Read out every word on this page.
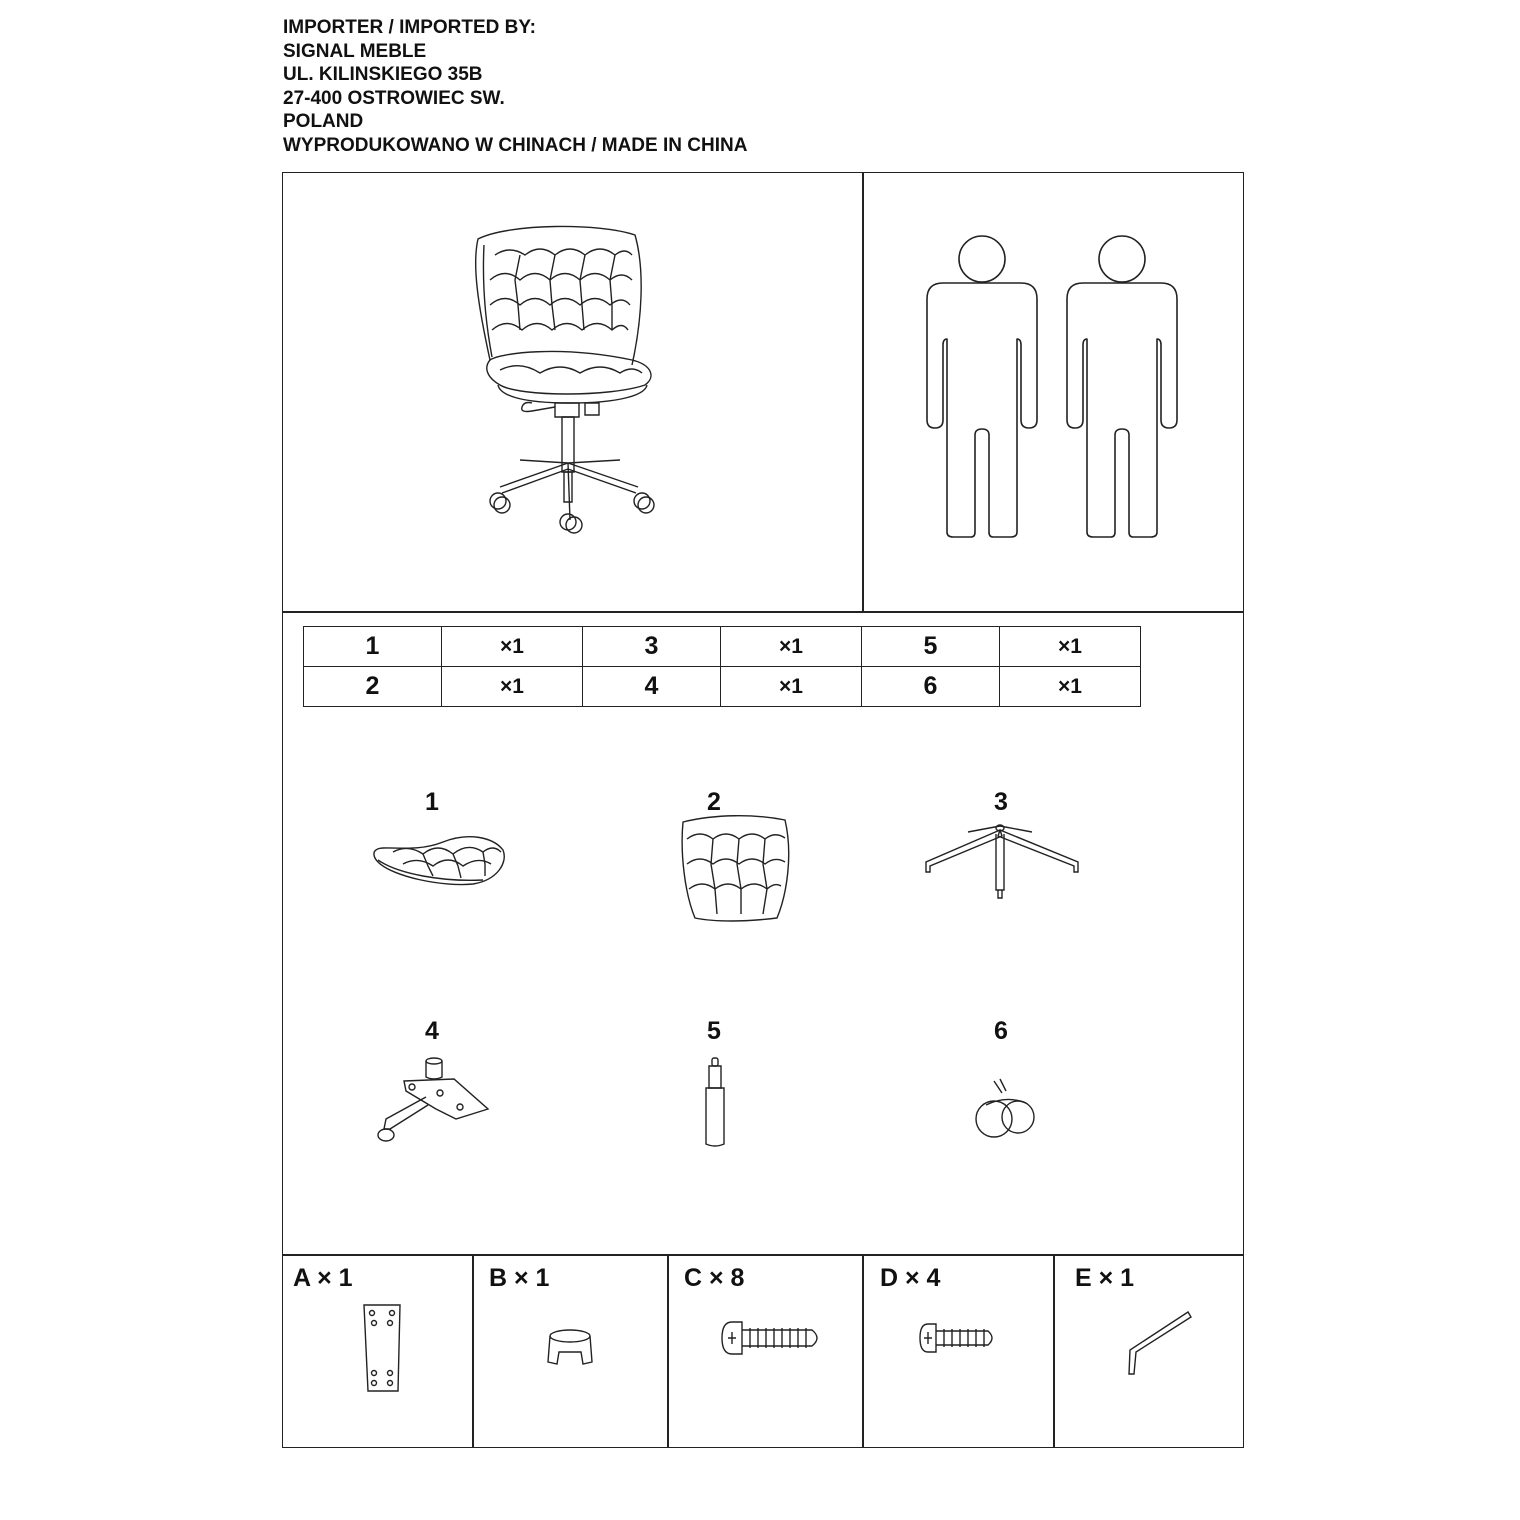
IMPORTER / IMPORTED BY:
SIGNAL MEBLE
UL. KILINSKIEGO 35B
27-400 OSTROWIEC SW.
POLAND
WYPRODUKOWANO W CHINACH / MADE IN CHINA
1	×1	3	×1	5	×1
2	×1	4	×1	6	×1
1	2	3
4	5	6
A × 1	B × 1	C × 8	D × 4	E × 1
